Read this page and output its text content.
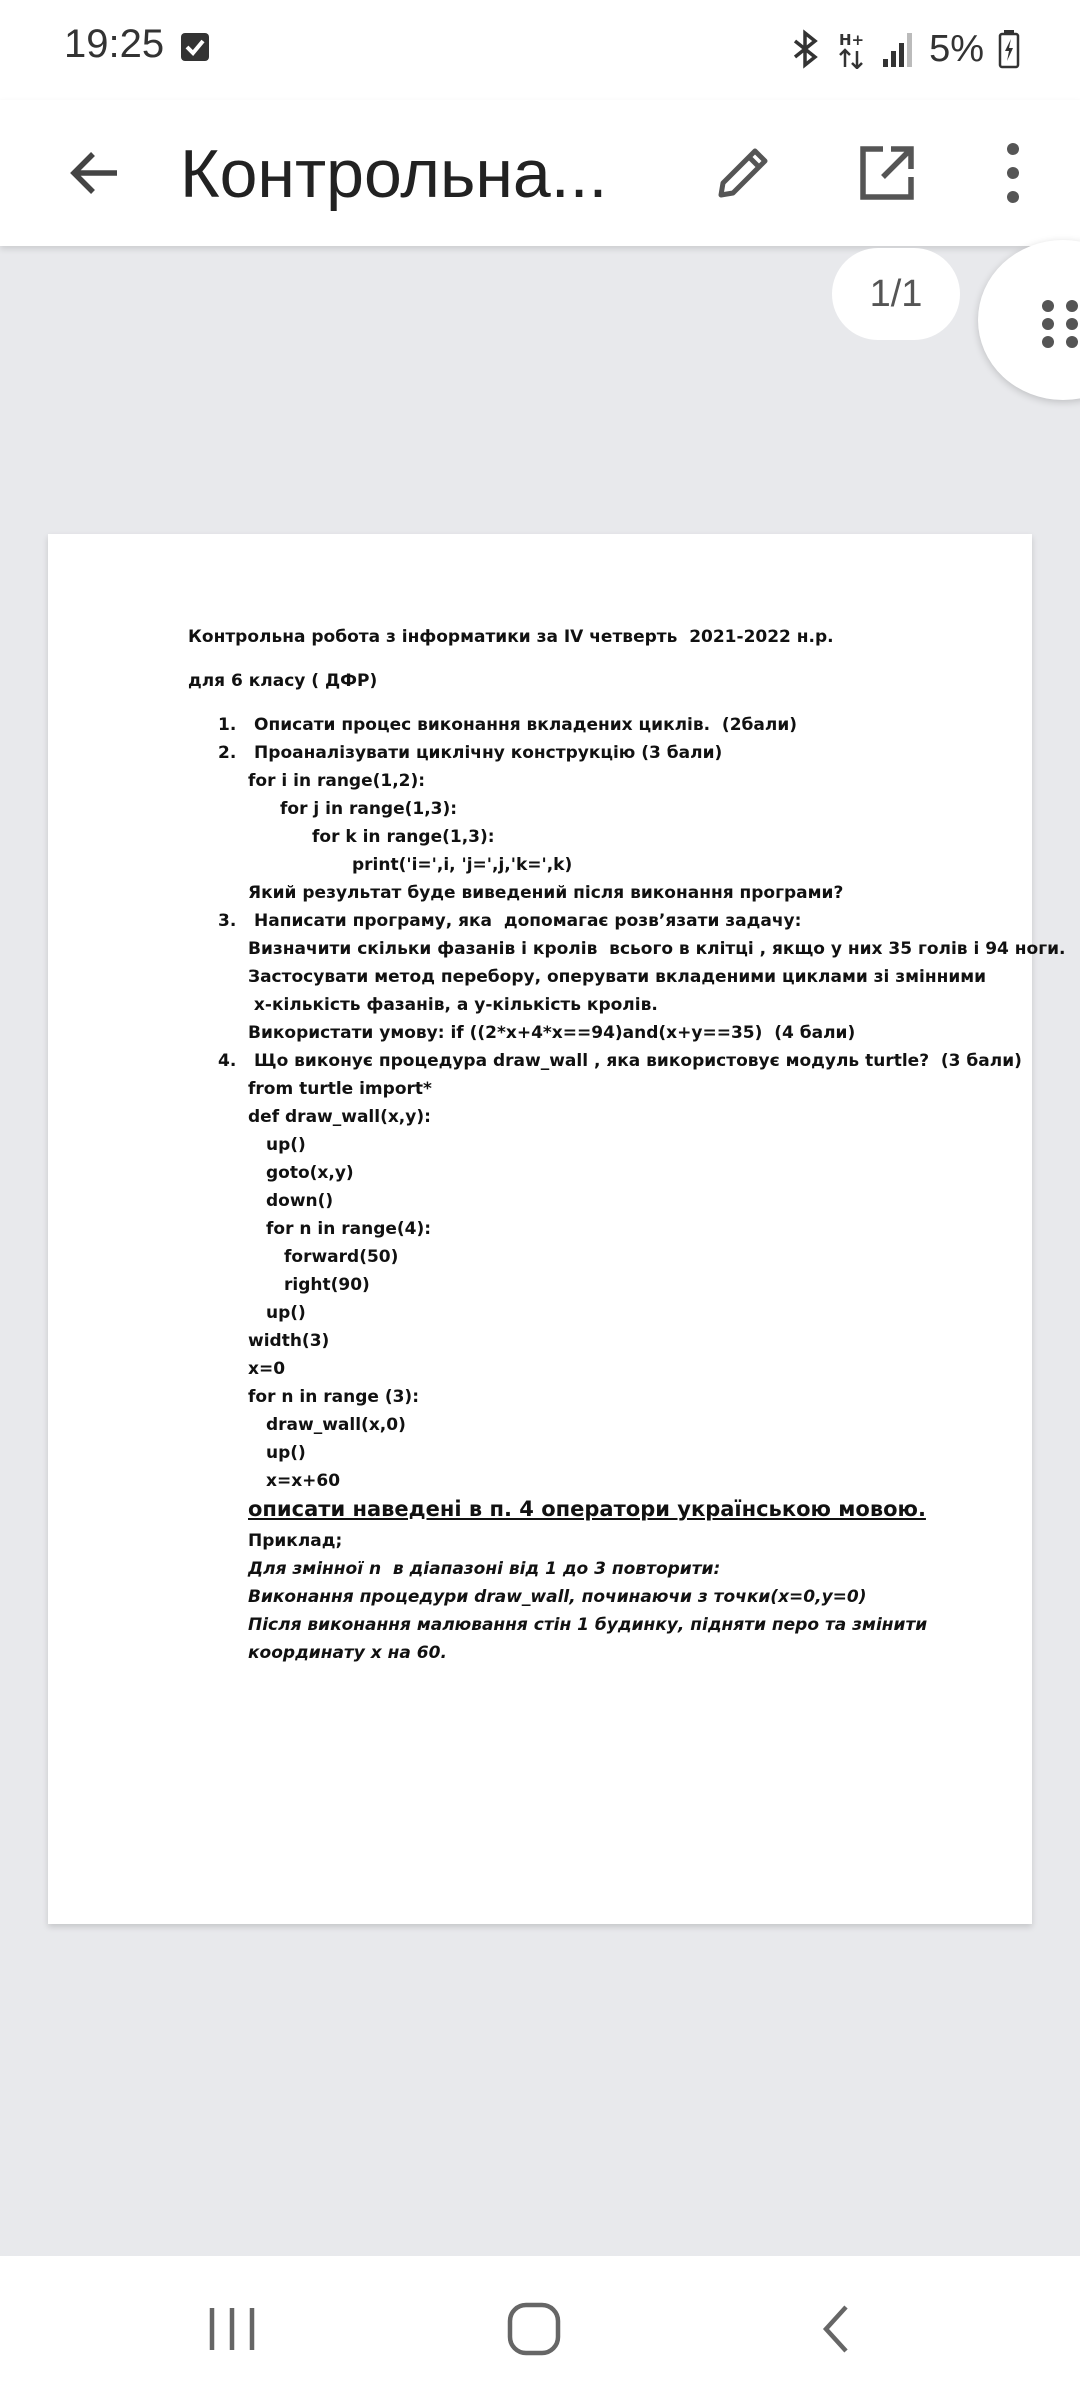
19:25	H+ 5%
Контрольна...
1/1
Контрольна робота з інформатики за IV четверть  2021-2022 н.р.
для 6 класу ( ДФР)
1.   Описати процес виконання вкладених циклів.  (2бали)
2.   Проаналізувати циклічну конструкцію (3 бали)
for i in range(1,2):
for j in range(1,3):
for k in range(1,3):
print('i=',i, 'j=',j,'k=',k)
Який результат буде виведений після виконання програми?
3.   Написати програму, яка  допомагає розв’язати задачу:
Визначити скільки фазанів і кролів  всього в клітці , якщо у них 35 голів і 94 ноги.
Застосувати метод перебору, оперувати вкладеними циклами зі змінними
х-кількість фазанів, а у-кількість кролів.
Використати умову: if ((2*x+4*x==94)and(x+y==35)  (4 бали)
4.   Що виконує процедура draw_wall , яка використовує модуль turtle?  (3 бали)
from turtle import*
def draw_wall(x,y):
up()
goto(x,y)
down()
for n in range(4):
forward(50)
right(90)
up()
width(3)
x=0
for n in range (3):
draw_wall(x,0)
up()
x=x+60
описати наведені в п. 4 оператори українською мовою.
Приклад;
Для змінної n  в діапазоні від 1 до 3 повторити:
Виконання процедури draw_wall, починаючи з точки(x=0,y=0)
Після виконання малювання стін 1 будинку, підняти перо та змінити
координату х на 60.
